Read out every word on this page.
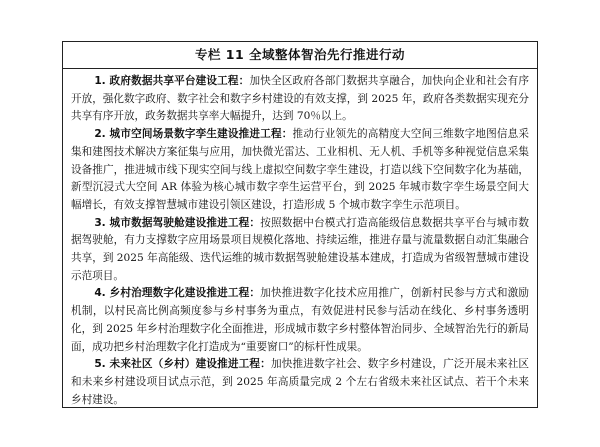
专栏 11 全域整体智治先行推进行动

1. 政府数据共享平台建设工程：加快全区政府各部门数据共享融合，加快向企业和社会有序开放，强化数字政府、数字社会和数字乡村建设的有效支撑，到 2025 年，政府各类数据实现充分共享有序开放，政务数据共享率大幅提升，达到 70％以上。

2. 城市空间场景数字孪生建设推进工程：推动行业领先的高精度大空间三维数字地图信息采集和建图技术解决方案征集与应用，加快微光雷达、工业相机、无人机、手机等多种视觉信息采集设备推广，推进城市线下现实空间与线上虚拟空间数字孪生建设，打造以线下空间数字化为基础，新型沉浸式大空间 AR 体验为核心城市数字孪生运营平台，到 2025 年城市数字孪生场景空间大幅增长，有效支撑智慧城市建设引领区建设，打造形成 5 个城市数字孪生示范项目。

3. 城市数据驾驶舱建设推进工程：按照数据中台模式打造高能级信息数据共享平台与城市数据驾驶舱，有力支撑数字应用场景项目规模化落地、持续运维，推进存量与流量数据自动汇集融合共享，到 2025 年高能级、迭代运维的城市数据驾驶舱建设基本建成，打造成为省级智慧城市建设示范项目。

4. 乡村治理数字化建设推进工程：加快推进数字化技术应用推广，创新村民参与方式和激励机制，以村民高比例高频度参与乡村事务为重点，有效促进村民参与活动在线化、乡村事务透明化，到 2025 年乡村治理数字化全面推进，形成城市数字乡村整体智治同步、全域智治先行的新局面，成功把乡村治理数字化打造成为“重要窗口”的标杆性成果。

5. 未来社区（乡村）建设推进工程：加快推进数字社会、数字乡村建设，广泛开展未来社区和未来乡村建设项目试点示范，到 2025 年高质量完成 2 个左右省级未来社区试点、若干个未来乡村建设。
